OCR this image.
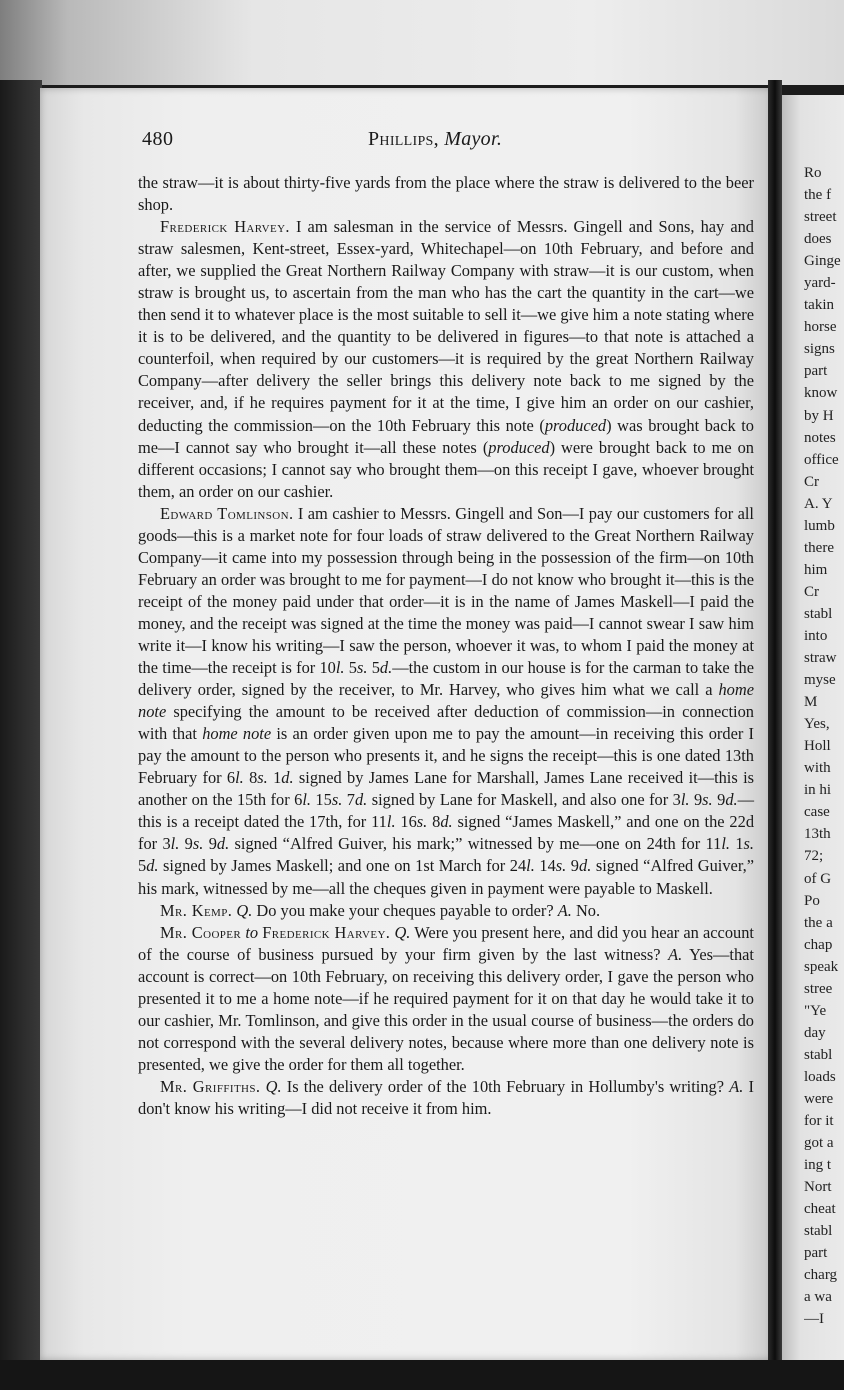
480	Phillips, Mayor.

the straw—it is about thirty-five yards from the place where the straw is delivered to the beer shop.

Frederick Harvey. I am salesman in the service of Messrs. Gingell and Sons, hay and straw salesmen, Kent-street, Essex-yard, Whitechapel—on 10th February, and before and after, we supplied the Great Northern Railway Company with straw—it is our custom, when straw is brought us, to ascertain from the man who has the cart the quantity in the cart—we then send it to whatever place is the most suitable to sell it—we give him a note stating where it is to be delivered, and the quantity to be delivered in figures—to that note is attached a counterfoil, when required by our customers—it is required by the great Northern Railway Company—after delivery the seller brings this delivery note back to me signed by the receiver, and, if he requires payment for it at the time, I give him an order on our cashier, deducting the commission—on the 10th February this note (produced) was brought back to me—I cannot say who brought it—all these notes (produced) were brought back to me on different occasions; I cannot say who brought them—on this receipt I gave, whoever brought them, an order on our cashier.

Edward Tomlinson. I am cashier to Messrs. Gingell and Son—I pay our customers for all goods—this is a market note for four loads of straw delivered to the Great Northern Railway Company—it came into my possession through being in the possession of the firm—on 10th February an order was brought to me for payment—I do not know who brought it—this is the receipt of the money paid under that order—it is in the name of James Maskell—I paid the money, and the receipt was signed at the time the money was paid—I cannot swear I saw him write it—I know his writing—I saw the person, whoever it was, to whom I paid the money at the time—the receipt is for 10l. 5s. 5d.—the custom in our house is for the carman to take the delivery order, signed by the receiver, to Mr. Harvey, who gives him what we call a home note specifying the amount to be received after deduction of commission—in connection with that home note is an order given upon me to pay the amount—in receiving this order I pay the amount to the person who presents it, and he signs the receipt—this is one dated 13th February for 6l. 8s. 1d. signed by James Lane for Marshall, James Lane received it—this is another on the 15th for 6l. 15s. 7d. signed by Lane for Maskell, and also one for 3l. 9s. 9d.—this is a receipt dated the 17th, for 11l. 16s. 8d. signed “James Maskell,” and one on the 22d for 3l. 9s. 9d. signed “Alfred Guiver, his mark;” witnessed by me—one on 24th for 11l. 1s. 5d. signed by James Maskell; and one on 1st March for 24l. 14s. 9d. signed “Alfred Guiver,” his mark, witnessed by me—all the cheques given in payment were payable to Maskell.

Mr. Kemp. Q. Do you make your cheques payable to order? A. No.

Mr. Cooper to Frederick Harvey. Q. Were you present here, and did you hear an account of the course of business pursued by your firm given by the last witness? A. Yes—that account is correct—on 10th February, on receiving this delivery order, I gave the person who presented it to me a home note—if he required payment for it on that day he would take it to our cashier, Mr. Tomlinson, and give this order in the usual course of business—the orders do not correspond with the several delivery notes, because where more than one delivery note is presented, we give the order for them all together.

Mr. Griffiths. Q. Is the delivery order of the 10th February in Hollumby's writing? A. I don't know his writing—I did not receive it from him.

Ro
the f
street
does
Ginge
yard-
takin
horse
signs
part
know
by H
notes
office
Cr
A. Y
lumb
there
him
Cr
stabl
into
straw
myse
M
Yes,
Holl
with
in hi
case
13th
72;
of G
Po
the a
chap
speak
stree
"Ye
day
stabl
loads
were
for it
got a
ing t
Nort
cheat
stabl
part
charg
a wa
—I
